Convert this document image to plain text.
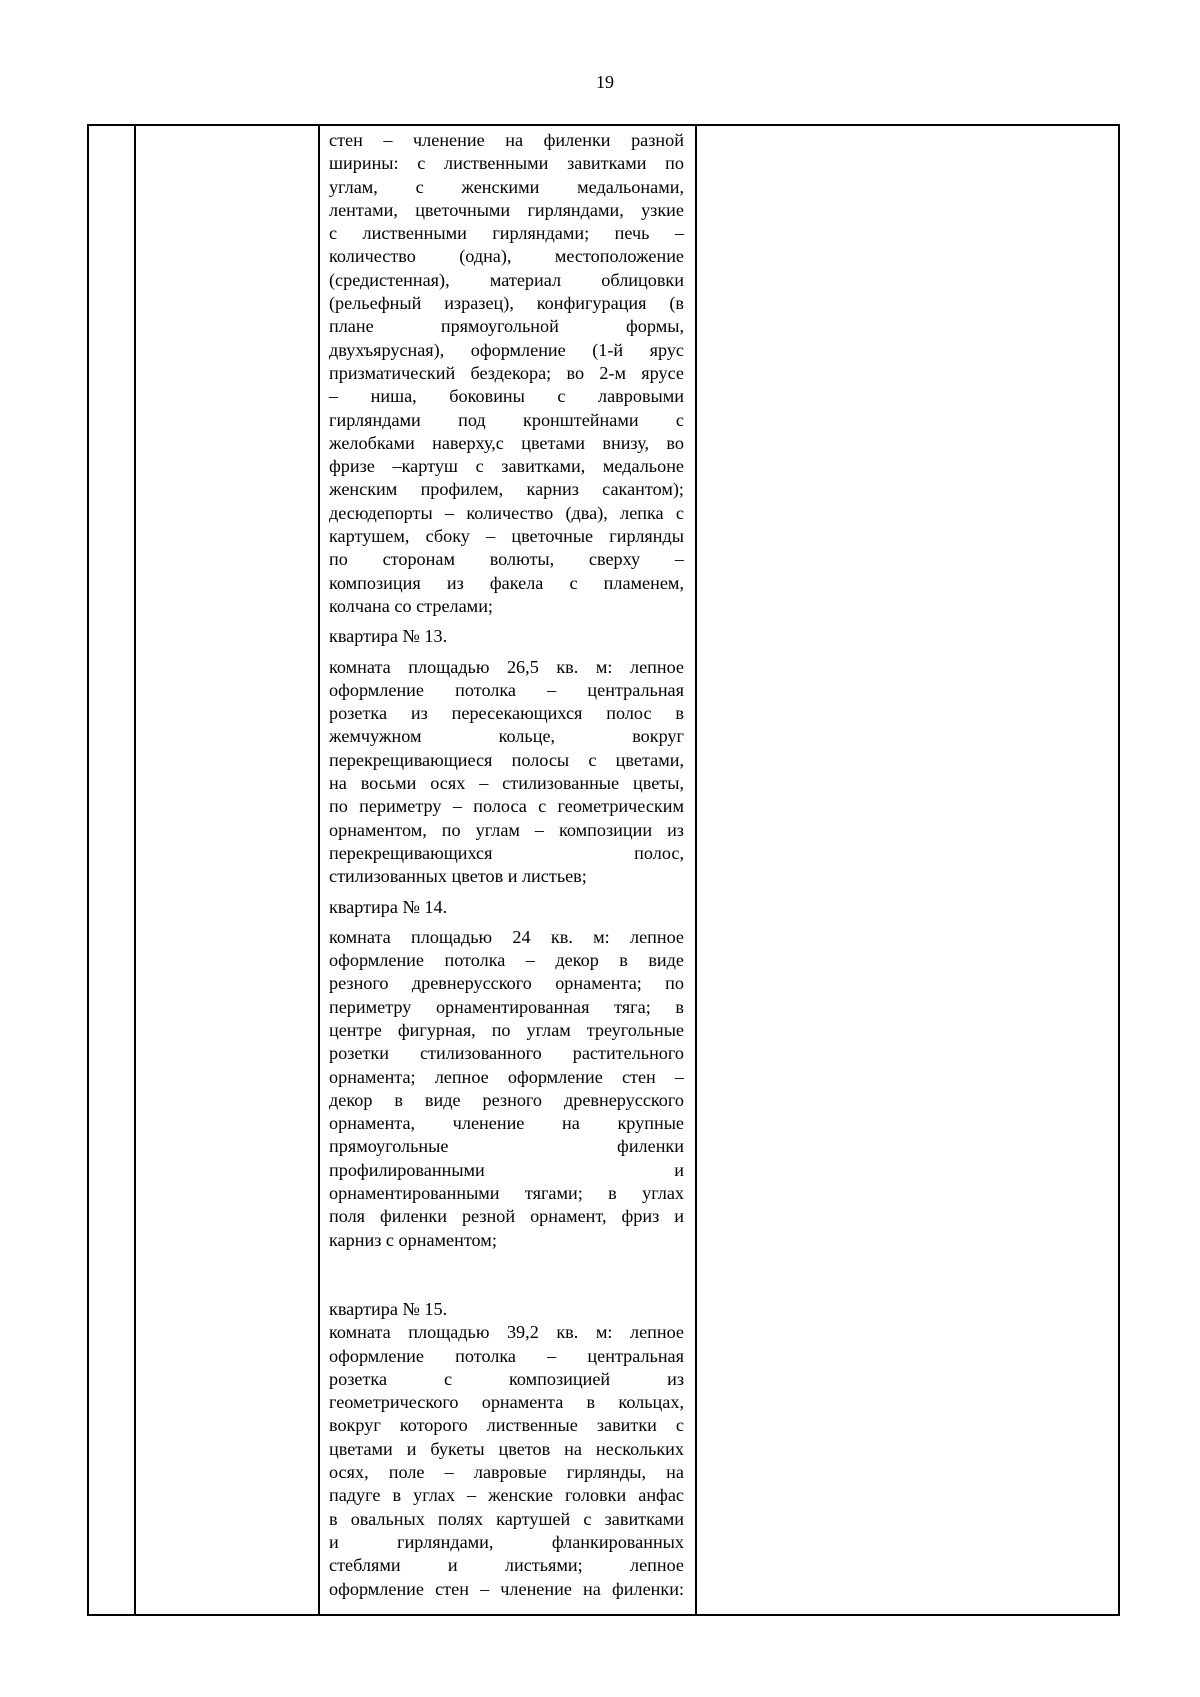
19
стен – членение на филенки разной
ширины: с лиственными завитками по
углам, с женскими медальонами,
лентами, цветочными гирляндами, узкие
с лиственными гирляндами; печь –
количество (одна), местоположение
(средистенная), материал облицовки
(рельефный изразец), конфигурация (в
плане прямоугольной формы,
двухъярусная), оформление (1-й ярус
призматический бездекора; во 2-м ярусе
– ниша, боковины с лавровыми
гирляндами под кронштейнами с
желобками наверху,с цветами внизу, во
фризе –картуш с завитками, медальоне
женским профилем, карниз сакантом);
десюдепорты – количество (два), лепка с
картушем, сбоку – цветочные гирлянды
по сторонам волюты, сверху –
композиция из факела с пламенем,
колчана со стрелами;
квартира № 13.
комната площадью 26,5 кв. м: лепное
оформление потолка – центральная
розетка из пересекающихся полос в
жемчужном кольце, вокруг
перекрещивающиеся полосы с цветами,
на восьми осях – стилизованные цветы,
по периметру – полоса с геометрическим
орнаментом, по углам – композиции из
перекрещивающихся полос,
стилизованных цветов и листьев;
квартира № 14.
комната площадью 24 кв. м: лепное
оформление потолка – декор в виде
резного древнерусского орнамента; по
периметру орнаментированная тяга; в
центре фигурная, по углам треугольные
розетки стилизованного растительного
орнамента; лепное оформление стен –
декор в виде резного древнерусского
орнамента, членение на крупные
прямоугольные филенки
профилированными и
орнаментированными тягами; в углах
поля филенки резной орнамент, фриз и
карниз с орнаментом;
квартира № 15.
комната площадью 39,2 кв. м: лепное
оформление потолка – центральная
розетка с композицией из
геометрического орнамента в кольцах,
вокруг которого лиственные завитки с
цветами и букеты цветов на нескольких
осях, поле – лавровые гирлянды, на
падуге в углах – женские головки анфас
в овальных полях картушей с завитками
и гирляндами, фланкированных
стеблями и листьями; лепное
оформление стен – членение на филенки:
